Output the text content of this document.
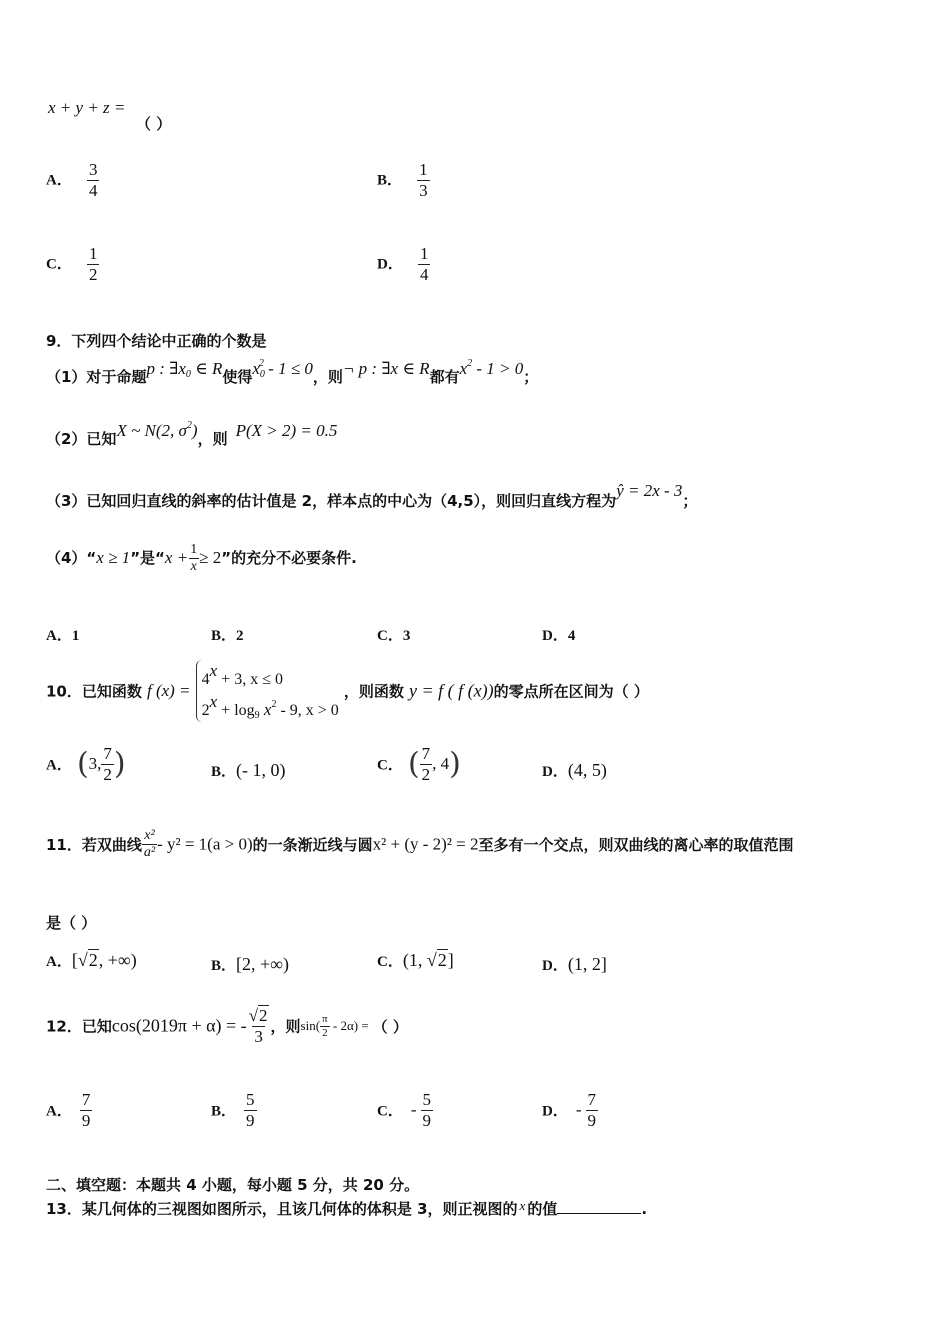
x + y + z =
（ ）
A． $\frac{3}{4}$	B． $\frac{1}{3}$
C． $\frac{1}{2}$	D． $\frac{1}{4}$
9．下列四个结论中正确的个数是
（1）对于命题p : $\exists x_0$ ∈ R使得$x_0^2 - 1 \le 0$，则¬ p : ∃x ∈ R都有$x^2 - 1 > 0$；
（2）已知X ~ N(2, $\sigma^2$)，则 P(X > 2) = 0.5
（3）已知回归直线的斜率的估计值是 2，样本点的中心为（4,5），则回归直线方程为ŷ = 2x - 3；
（4）“x ≥ 1”是“$x + \frac{1}{x} \ge 2$”的充分不必要条件.
A．1	B．2	C．3	D．4
10．已知函数 f (x) =
$4^x + 3$, x ≤ 0
$2^x + \log_9 x^2 - 9$, x > 0
，则函数 y = f ( f (x))的零点所在区间为（ ）
A． (3, $\frac{7}{2}$ )	B．(- 1, 0)	C． ( $\frac{7}{2}$ , 4)	D．(4, 5)
11．若双曲线 $\frac{\text{x²}}{\text{a²}} - y^2 = 1(a > 0)$的一条渐近线与圆x² + (y - 2)² = 2至多有一个交点，则双曲线的离心率的取值范围
是（ ）
A．[√2, +∞)	B．[2, +∞)	C．(1, √2]	D．(1, 2]
12．已知cos(2019π + α) = - $\frac{√2}{3}$ ，则$\sin( \frac{\pi}{2} - 2\alpha)$ = （ ）
A． $\frac{7}{9}$	B． $\frac{5}{9}$	C． - $\frac{5}{9}$	D． - $\frac{7}{9}$
二、填空题：本题共 4 小题，每小题 5 分，共 20 分。
13．某几何体的三视图如图所示，且该几何体的体积是 3，则正视图的 $^x$ 的值	.
